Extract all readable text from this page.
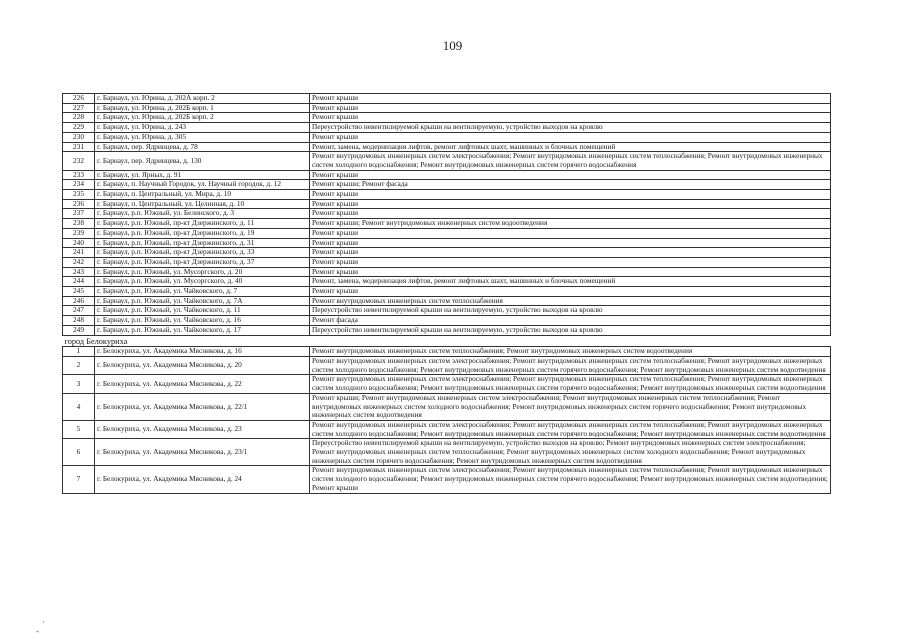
109
226	г. Барнаул, ул. Юрина, д. 202А корп. 2	Ремонт крыши
227	г. Барнаул, ул. Юрина, д. 202Б корп. 1	Ремонт крыши
228	г. Барнаул, ул. Юрина, д. 202Б корп. 2	Ремонт крыши
229	г. Барнаул, ул. Юрина, д. 243	Переустройство невентилируемой крыши на вентилируемую, устройство выходов на кровлю
230	г. Барнаул, ул. Юрина, д. 305	Ремонт крыши
231	г. Барнаул, пер. Ядринцева, д. 78	Ремонт, замена, модернизация лифтов, ремонт лифтовых шахт, машинных и блочных помещений
232	г. Барнаул, пер. Ядринцева, д. 130	Ремонт внутридомовых инженерных систем электроснабжения; Ремонт внутридомовых инженерных систем теплоснабжения; Ремонт внутридомовых инженерных систем холодного водоснабжения; Ремонт внутридомовых инженерных систем горячего водоснабжения
233	г. Барнаул, ул. Ярных, д. 91	Ремонт крыши
234	г. Барнаул, п. Научный Городок, ул. Научный городок, д. 12	Ремонт крыши; Ремонт фасада
235	г. Барнаул, п. Центральный, ул. Мира, д. 10	Ремонт крыши
236	г. Барнаул, п. Центральный, ул. Целинная, д. 10	Ремонт крыши
237	г. Барнаул, р.п. Южный, ул. Белинского, д. 3	Ремонт крыши
238	г. Барнаул, р.п. Южный, пр-кт Дзержинского, д. 11	Ремонт крыши; Ремонт внутридомовых инженерных систем водоотведения
239	г. Барнаул, р.п. Южный, пр-кт Дзержинского, д. 19	Ремонт крыши
240	г. Барнаул, р.п. Южный, пр-кт Дзержинского, д. 31	Ремонт крыши
241	г. Барнаул, р.п. Южный, пр-кт Дзержинского, д. 33	Ремонт крыши
242	г. Барнаул, р.п. Южный, пр-кт Дзержинского, д. 37	Ремонт крыши
243	г. Барнаул, р.п. Южный, ул. Мусоргского, д. 20	Ремонт крыши
244	г. Барнаул, р.п. Южный, ул. Мусоргского, д. 40	Ремонт, замена, модернизация лифтов, ремонт лифтовых шахт, машинных и блочных помещений
245	г. Барнаул, р.п. Южный, ул. Чайковского, д. 7	Ремонт крыши
246	г. Барнаул, р.п. Южный, ул. Чайковского, д. 7А	Ремонт внутридомовых инженерных систем теплоснабжения
247	г. Барнаул, р.п. Южный, ул. Чайковского, д. 11	Переустройство невентилируемой крыши на вентилируемую, устройство выходов на кровлю
248	г. Барнаул, р.п. Южный, ул. Чайковского, д. 16	Ремонт фасада
249	г. Барнаул, р.п. Южный, ул. Чайковского, д. 17	Переустройство невентилируемой крыши на вентилируемую, устройство выходов на кровлю
город Белокуриха		
1	г. Белокуриха, ул. Академика Мясникова, д. 16	Ремонт внутридомовых инженерных систем теплоснабжения; Ремонт внутридомовых инженерных систем водоотведения
2	г. Белокуриха, ул. Академика Мясникова, д. 20	Ремонт внутридомовых инженерных систем электроснабжения; Ремонт внутридомовых инженерных систем теплоснабжения; Ремонт внутридомовых инженерных систем холодного водоснабжения; Ремонт внутридомовых инженерных систем горячего водоснабжения; Ремонт внутридомовых инженерных систем водоотведения
3	г. Белокуриха, ул. Академика Мясникова, д. 22	Ремонт внутридомовых инженерных систем электроснабжения; Ремонт внутридомовых инженерных систем теплоснабжения; Ремонт внутридомовых инженерных систем холодного водоснабжения; Ремонт внутридомовых инженерных систем горячего водоснабжения; Ремонт внутридомовых инженерных систем водоотведения
4	г. Белокуриха, ул. Академика Мясникова, д. 22/1	Ремонт крыши; Ремонт внутридомовых инженерных систем электроснабжения; Ремонт внутридомовых инженерных систем теплоснабжения; Ремонт внутридомовых инженерных систем холодного водоснабжения; Ремонт внутридомовых инженерных систем горячего водоснабжения; Ремонт внутридомовых инженерных систем водоотведения
5	г. Белокуриха, ул. Академика Мясникова, д. 23	Ремонт внутридомовых инженерных систем электроснабжения; Ремонт внутридомовых инженерных систем теплоснабжения; Ремонт внутридомовых инженерных систем холодного водоснабжения; Ремонт внутридомовых инженерных систем горячего водоснабжения; Ремонт внутридомовых инженерных систем водоотведения
6	г. Белокуриха, ул. Академика Мясникова, д. 23/1	Переустройство невентилируемой крыши на вентилируемую, устройство выходов на кровлю; Ремонт внутридомовых инженерных систем электроснабжения; Ремонт внутридомовых инженерных систем теплоснабжения; Ремонт внутридомовых инженерных систем холодного водоснабжения; Ремонт внутридомовых инженерных систем горячего водоснабжения; Ремонт внутридомовых инженерных систем водоотведения
7	г. Белокуриха, ул. Академика Мясникова, д. 24	Ремонт внутридомовых инженерных систем электроснабжения; Ремонт внутридомовых инженерных систем теплоснабжения; Ремонт внутридомовых инженерных систем холодного водоснабжения; Ремонт внутридомовых инженерных систем горячего водоснабжения; Ремонт внутридомовых инженерных систем водоотведения; Ремонт крыши
·
‐
